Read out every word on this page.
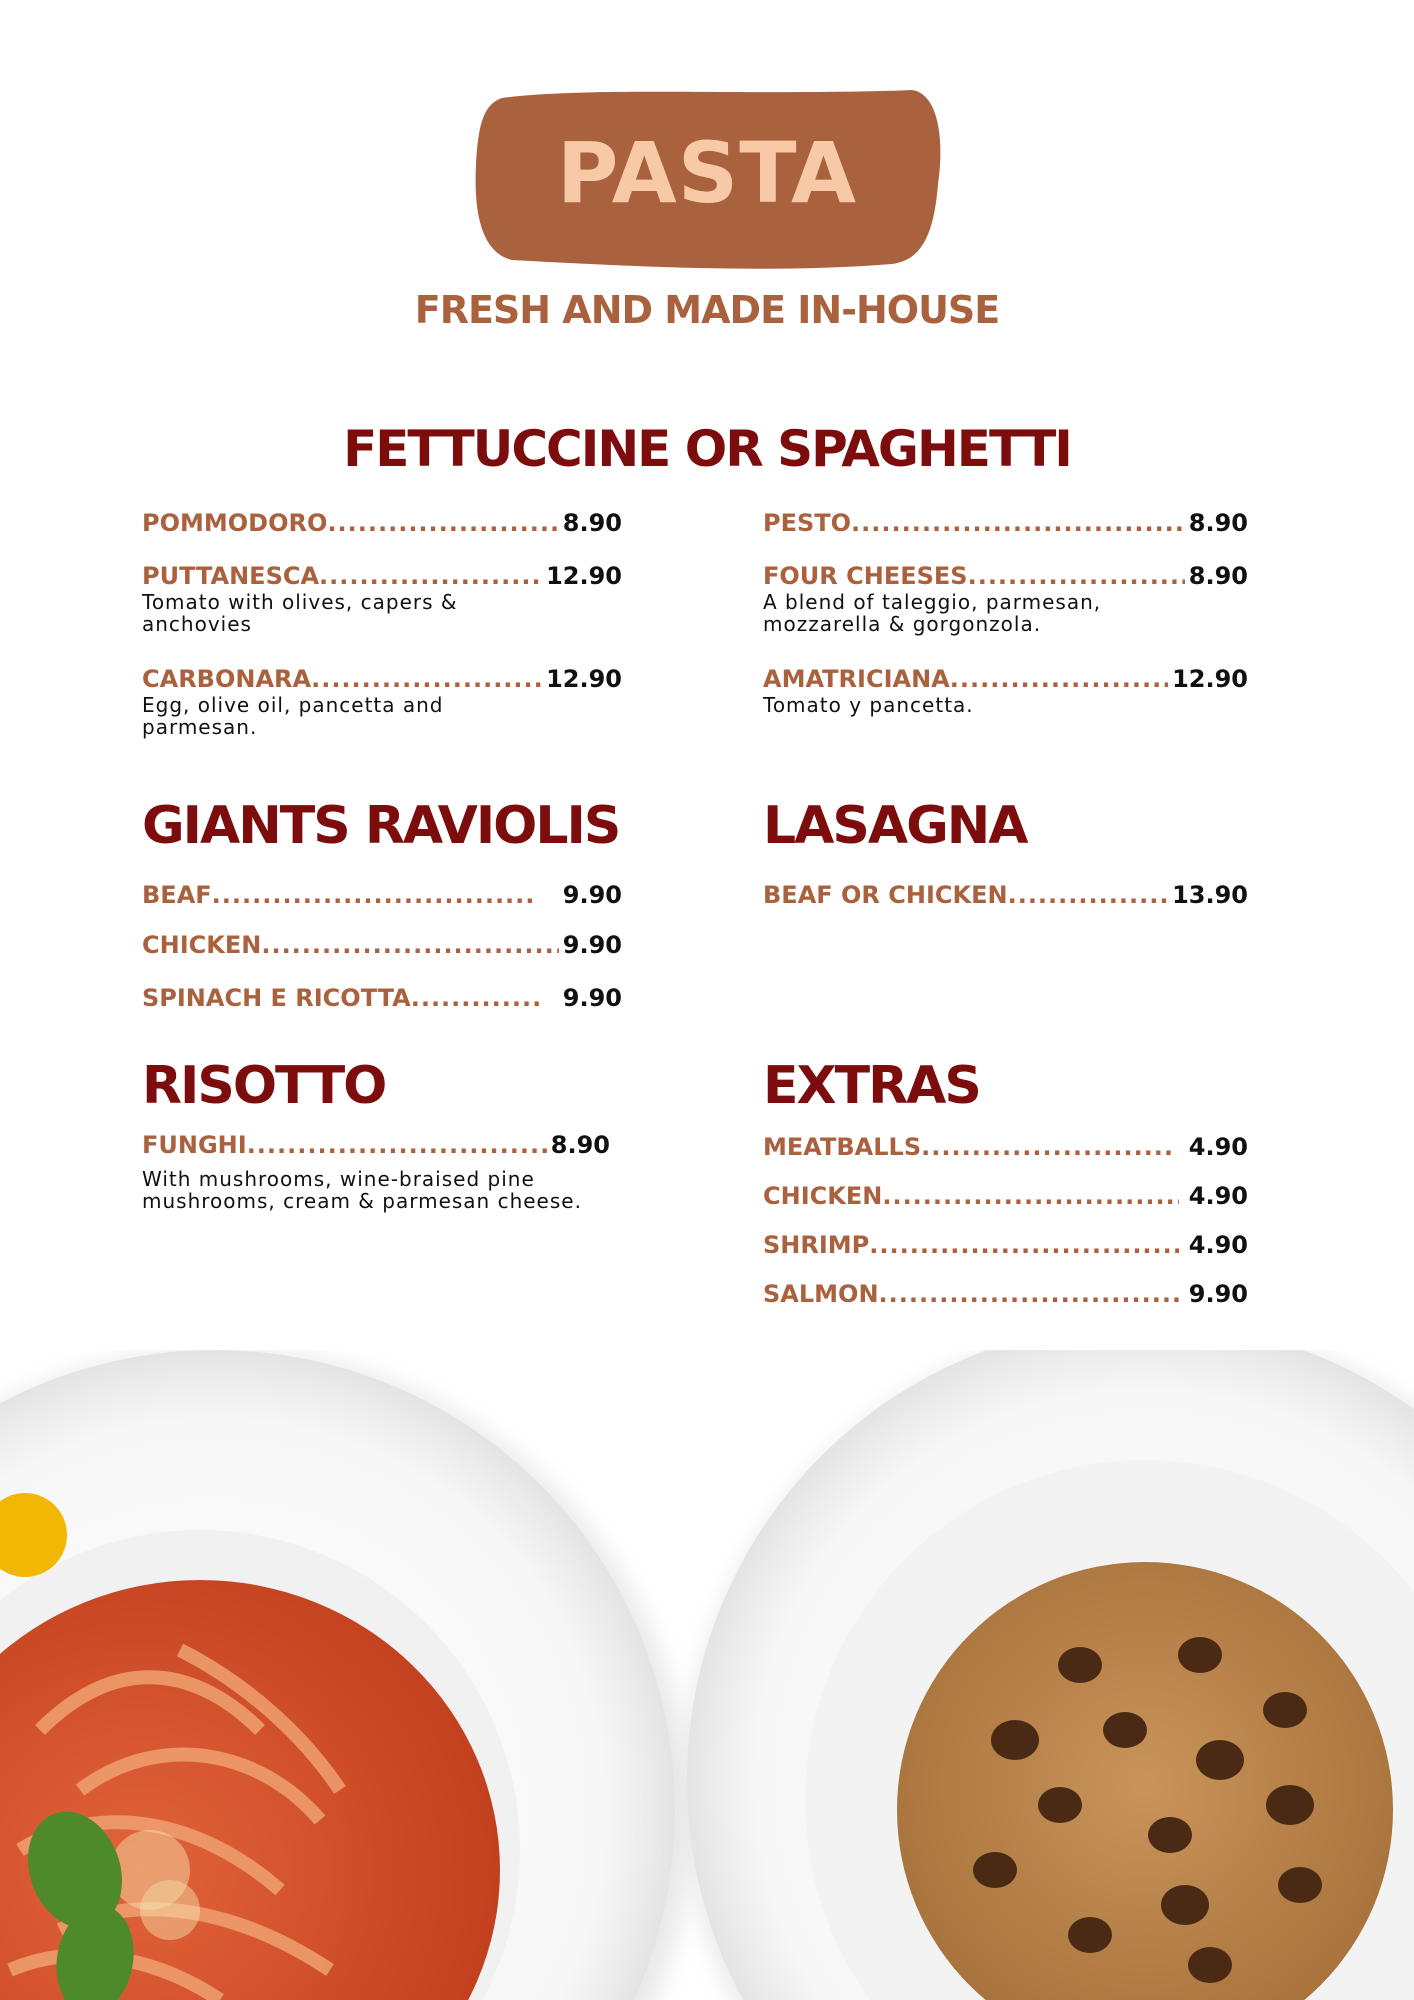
PASTA
FRESH AND MADE IN-HOUSE
FETTUCCINE OR SPAGHETTI
POMMODORO .....	8.90
PUTTANESCA .....	12.90
Tomato with olives, capers & anchovies
CARBONARA .....	12.90
Egg, olive oil, pancetta and parmesan.
PESTO .....	8.90
FOUR CHEESES .....	8.90
A blend of taleggio, parmesan, mozzarella & gorgonzola.
AMATRICIANA .....	12.90
Tomato y pancetta.
GIANTS RAVIOLIS
BEAF .....	9.90
CHICKEN .....	9.90
SPINACH E RICOTTA .....	9.90
LASAGNA
BEAF OR CHICKEN .....	13.90
RISOTTO
FUNGHI .....	8.90
With mushrooms, wine-braised pine mushrooms, cream & parmesan cheese.
EXTRAS
MEATBALLS .....	4.90
CHICKEN .....	4.90
SHRIMP .....	4.90
SALMON .....	9.90
